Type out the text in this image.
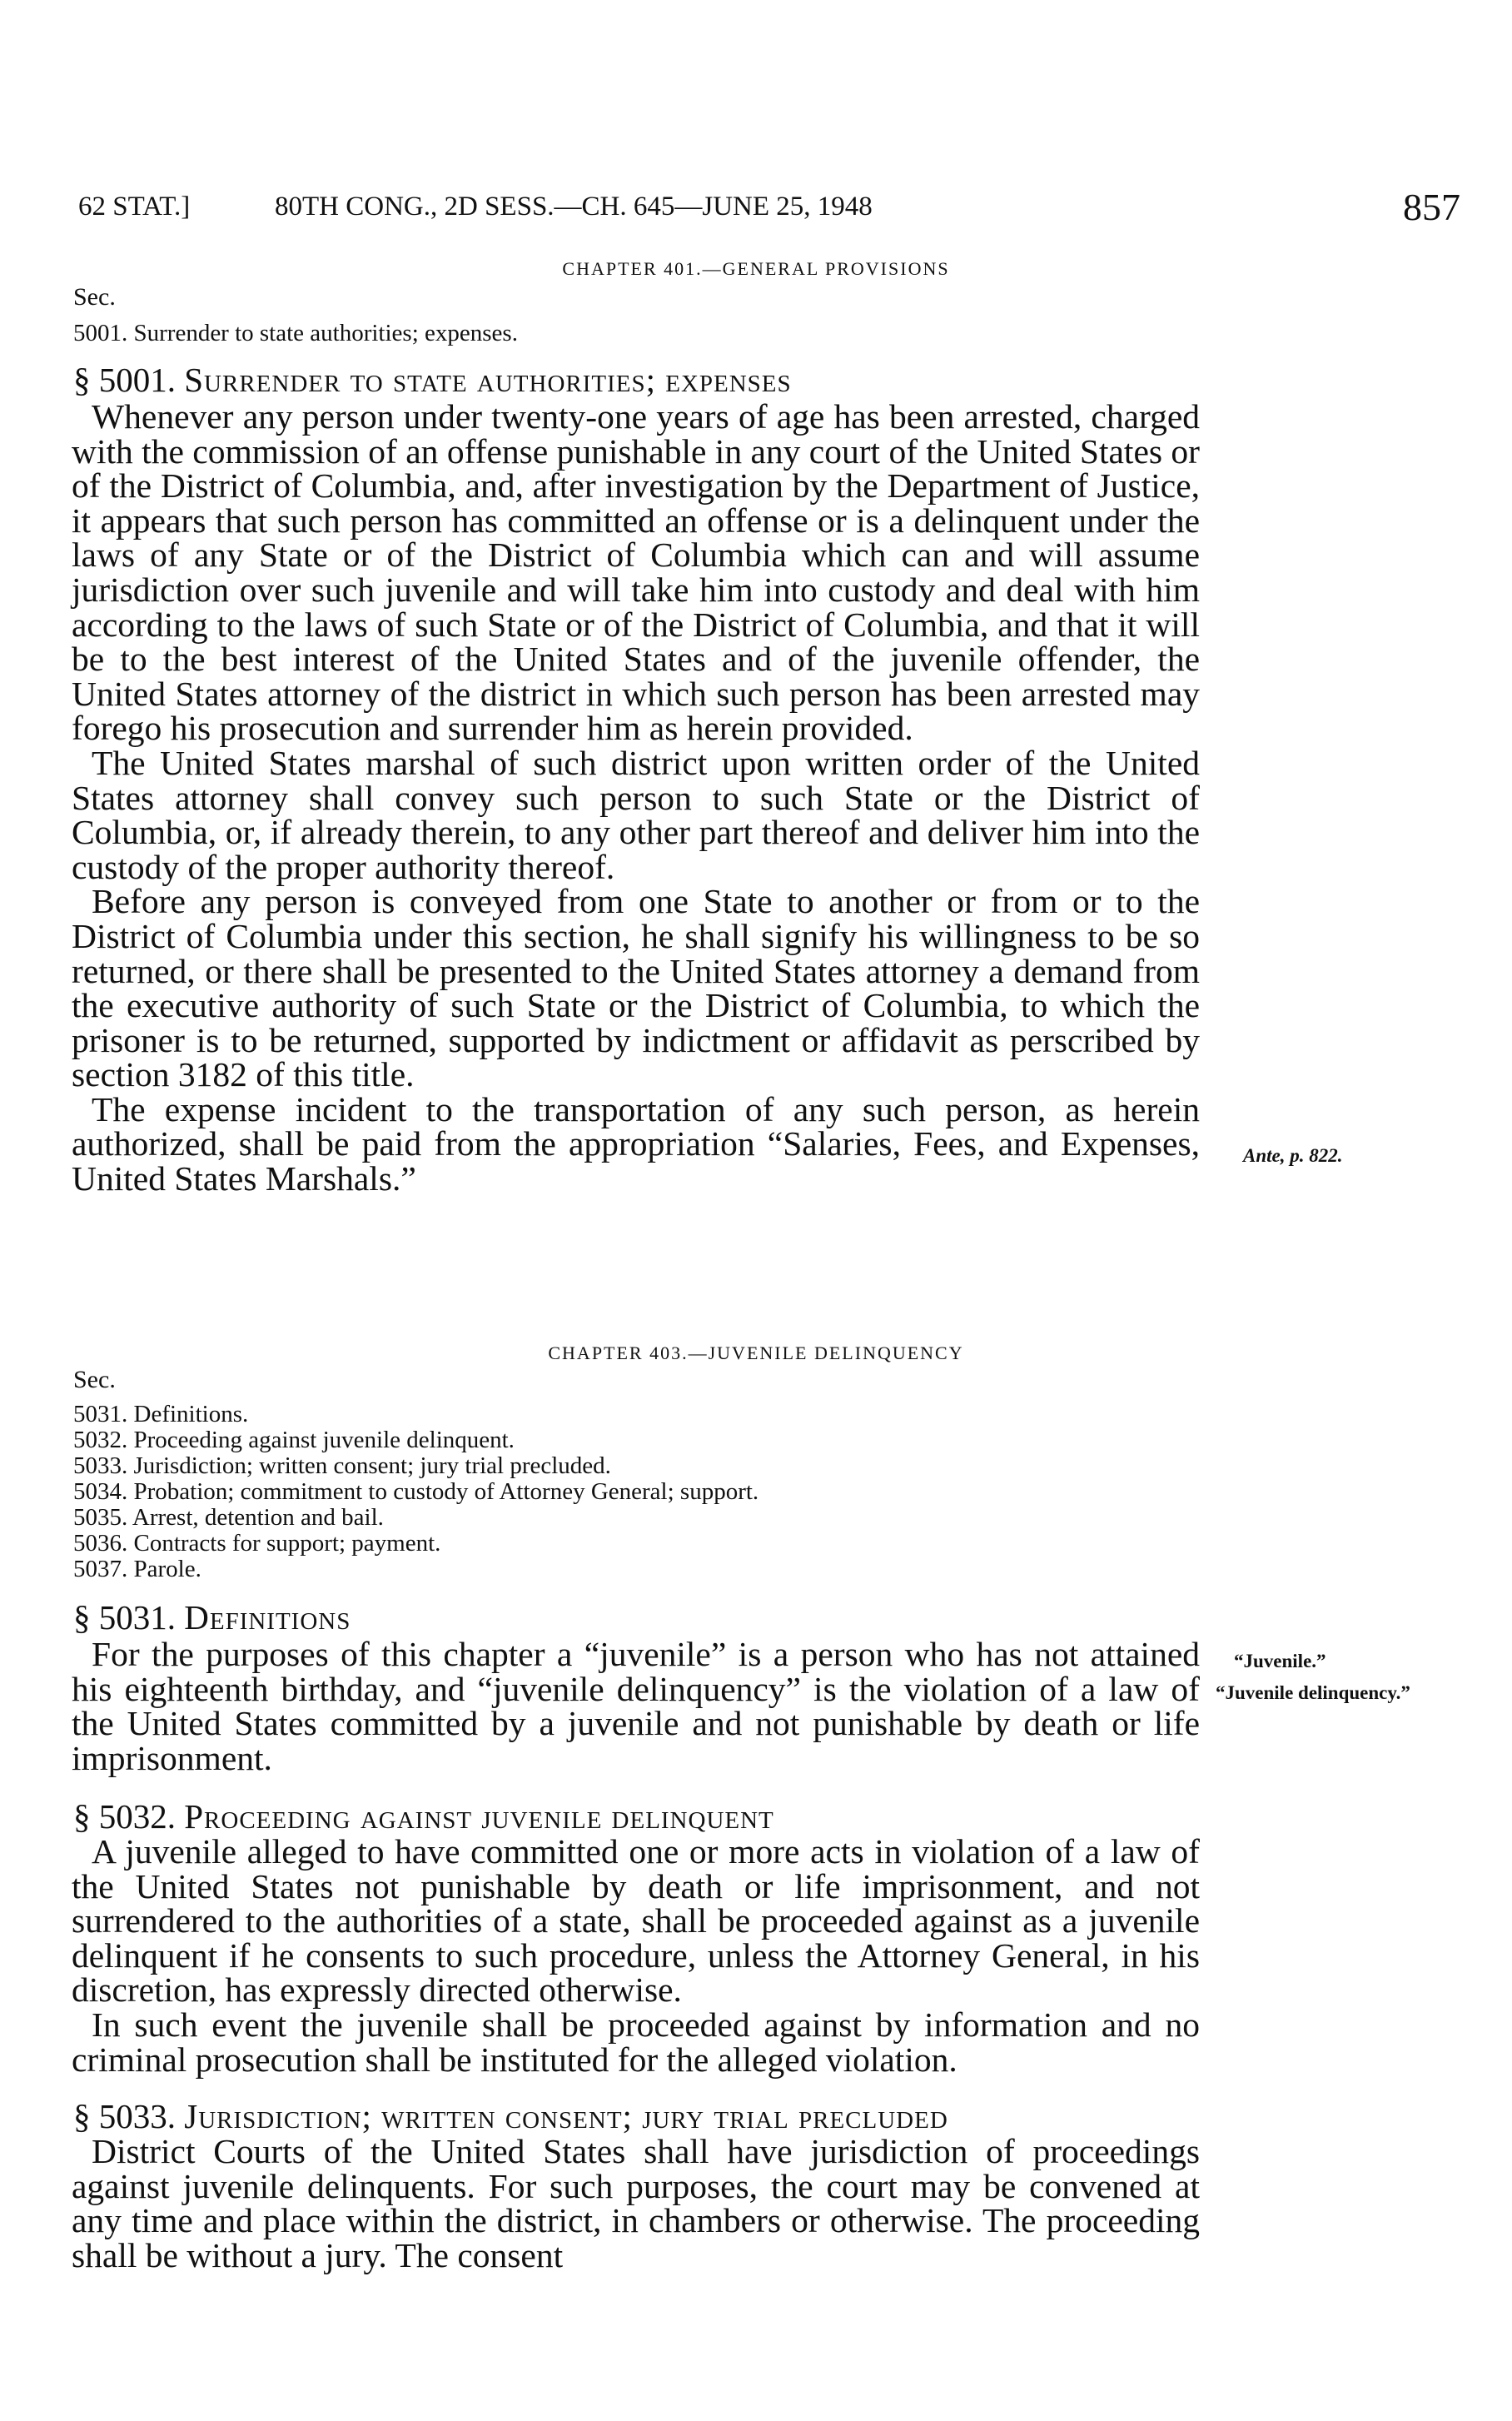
62 STAT.]	80TH CONG., 2D SESS.—CH. 645—JUNE 25, 1948	857
CHAPTER 401.—GENERAL PROVISIONS
Sec.
5001. Surrender to state authorities; expenses.
§ 5001. Surrender to state authorities; expenses

Whenever any person under twenty-one years of age has been arrested, charged with the commission of an offense punishable in any court of the United States or of the District of Columbia, and, after investigation by the Department of Justice, it appears that such person has committed an offense or is a delinquent under the laws of any State or of the District of Columbia which can and will assume jurisdiction over such juvenile and will take him into custody and deal with him according to the laws of such State or of the District of Columbia, and that it will be to the best interest of the United States and of the juvenile offender, the United States attorney of the district in which such person has been arrested may forego his prosecution and surrender him as herein provided.

The United States marshal of such district upon written order of the United States attorney shall convey such person to such State or the District of Columbia, or, if already therein, to any other part thereof and deliver him into the custody of the proper authority thereof.

Before any person is conveyed from one State to another or from or to the District of Columbia under this section, he shall signify his willingness to be so returned, or there shall be presented to the United States attorney a demand from the executive authority of such State or the District of Columbia, to which the prisoner is to be returned, supported by indictment or affidavit as perscribed by section 3182 of this title.

The expense incident to the transportation of any such person, as herein authorized, shall be paid from the appropriation “Salaries, Fees, and Expenses, United States Marshals.”

Ante, p. 822.
CHAPTER 403.—JUVENILE DELINQUENCY
Sec.
5031. Definitions.
5032. Proceeding against juvenile delinquent.
5033. Jurisdiction; written consent; jury trial precluded.
5034. Probation; commitment to custody of Attorney General; support.
5035. Arrest, detention and bail.
5036. Contracts for support; payment.
5037. Parole.
§ 5031. Definitions

For the purposes of this chapter a “juvenile” is a person who has not attained his eighteenth birthday, and “juvenile delinquency” is the violation of a law of the United States committed by a juvenile and not punishable by death or life imprisonment.

“Juvenile.”
“Juvenile delinquency.”
§ 5032. Proceeding against juvenile delinquent

A juvenile alleged to have committed one or more acts in violation of a law of the United States not punishable by death or life imprisonment, and not surrendered to the authorities of a state, shall be proceeded against as a juvenile delinquent if he consents to such procedure, unless the Attorney General, in his discretion, has expressly directed otherwise.

In such event the juvenile shall be proceeded against by information and no criminal prosecution shall be instituted for the alleged violation.

§ 5033. Jurisdiction; written consent; jury trial precluded

District Courts of the United States shall have jurisdiction of proceedings against juvenile delinquents. For such purposes, the court may be convened at any time and place within the district, in chambers or otherwise. The proceeding shall be without a jury. The consent
